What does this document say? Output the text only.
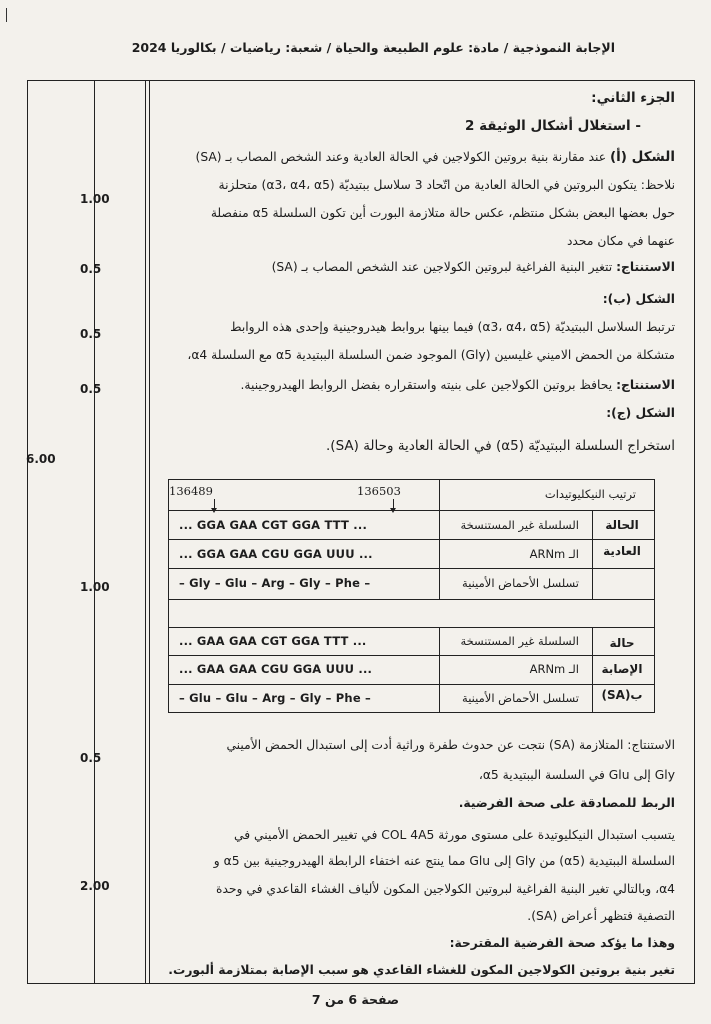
الإجابة النموذجية / مادة: علوم الطبيعة والحياة / شعبة: رياضيات / بكالوريا 2024
6.00
1.00
0.5
0.5
0.5
1.00
0.5
2.00
الجزء الثاني:
- استغلال أشكال الوثيقة 2
الشكل (أ) عند مقارنة بنية بروتين الكولاجين في الحالة العادية وعند الشخص المصاب بـ (SA)
نلاحظ: يتكون البروتين في الحالة العادية من اتّحاد 3 سلاسل ببتيديّة (α3، α4، α5) متحلزنة
حول بعضها البعض بشكل منتظم، عكس حالة متلازمة البورت أين تكون السلسلة α5 منفصلة
عنهما في مكان محدد
الاستنتاج: تتغير البنية الفراغية لبروتين الكولاجين عند الشخص المصاب بـ (SA)
الشكل (ب):
ترتبط السلاسل الببتيديّة (α3، α4، α5) فيما بينها بروابط هيدروجينية وإحدى هذه الروابط
متشكلة من الحمض الاميني غليسين (Gly) الموجود ضمن السلسلة الببتيدية α5 مع السلسلة α4،
الاستنتاج: يحافظ بروتين الكولاجين على بنيته واستقراره بفضل الروابط الهيدروجينية.
الشكل (ج):
استخراج السلسلة الببتيديّة (α5) في الحالة العادية وحالة (SA).
ترتيب النيكليوتيدات
136489	136503
الحالة
العادية
السلسلة غير المستنسخة
الـ ARNm
تسلسل الأحماض الأمينية
... GGA GAA CGT GGA TTT ...
... GGA GAA CGU GGA UUU ...
– Gly – Glu – Arg – Gly – Phe –
حالة
الإصابة
ب(SA)
السلسلة غير المستنسخة
الـ ARNm
تسلسل الأحماض الأمينية
... GAA GAA CGT GGA TTT ...
... GAA GAA CGU GGA UUU ...
– Glu – Glu – Arg – Gly – Phe –
الاستنتاج: المتلازمة (SA) نتجت عن حدوث طفرة وراثية أدت إلى استبدال الحمض الأميني
Gly إلى Glu في السلسة الببتيدية α5،
الربط للمصادقة على صحة الفرضية.
يتسبب استبدال النيكليوتيدة على مستوى مورثة COL 4A5 في تغيير الحمض الأميني في
السلسلة الببتيدية (α5) من Gly إلى Glu مما ينتج عنه اختفاء الرابطة الهيدروجينية بين α5 و
α4، وبالتالي تغير البنية الفراغية لبروتين الكولاجين المكون لألياف الغشاء القاعدي في وحدة
التصفية فتظهر أعراض (SA).
وهذا ما يؤكد صحة الفرضية المقترحة:
تغير بنية بروتين الكولاجين المكون للغشاء القاعدي هو سبب الإصابة بمتلازمة ألبورت.
صفحة 6 من 7
